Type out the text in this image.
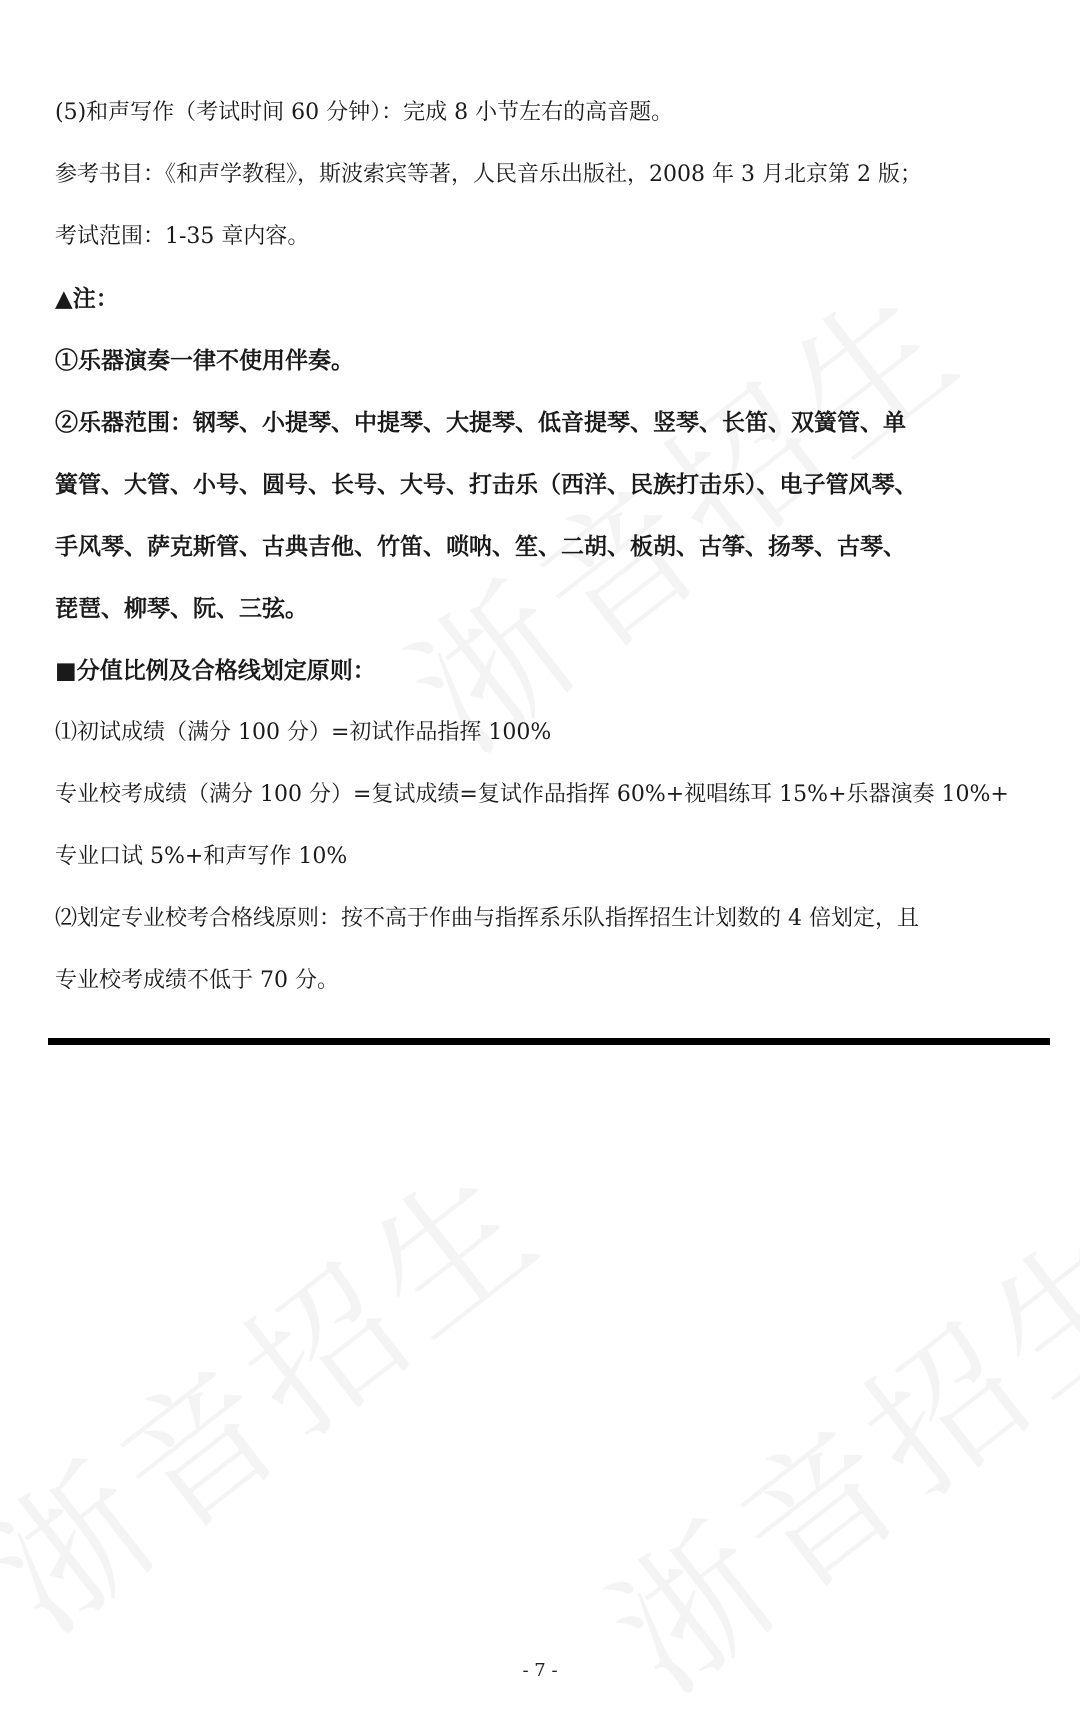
(5)和声写作（考试时间 60 分钟）：完成 8 小节左右的高音题。
参考书目：《和声学教程》，斯波索宾等著，人民音乐出版社，2008 年 3 月北京第 2 版；
考试范围：1-35 章内容。
▲注：
①乐器演奏一律不使用伴奏。
②乐器范围：钢琴、小提琴、中提琴、大提琴、低音提琴、竖琴、长笛、双簧管、单
簧管、大管、小号、圆号、长号、大号、打击乐（西洋、民族打击乐）、电子管风琴、
手风琴、萨克斯管、古典吉他、竹笛、唢呐、笙、二胡、板胡、古筝、扬琴、古琴、
琵琶、柳琴、阮、三弦。
■分值比例及合格线划定原则：
⑴初试成绩（满分 100 分）=初试作品指挥 100%
专业校考成绩（满分 100 分）=复试成绩=复试作品指挥 60%+视唱练耳 15%+乐器演奏 10%+
专业口试 5%+和声写作 10%
⑵划定专业校考合格线原则：按不高于作曲与指挥系乐队指挥招生计划数的 4 倍划定，且
专业校考成绩不低于 70 分。
- 7 -
